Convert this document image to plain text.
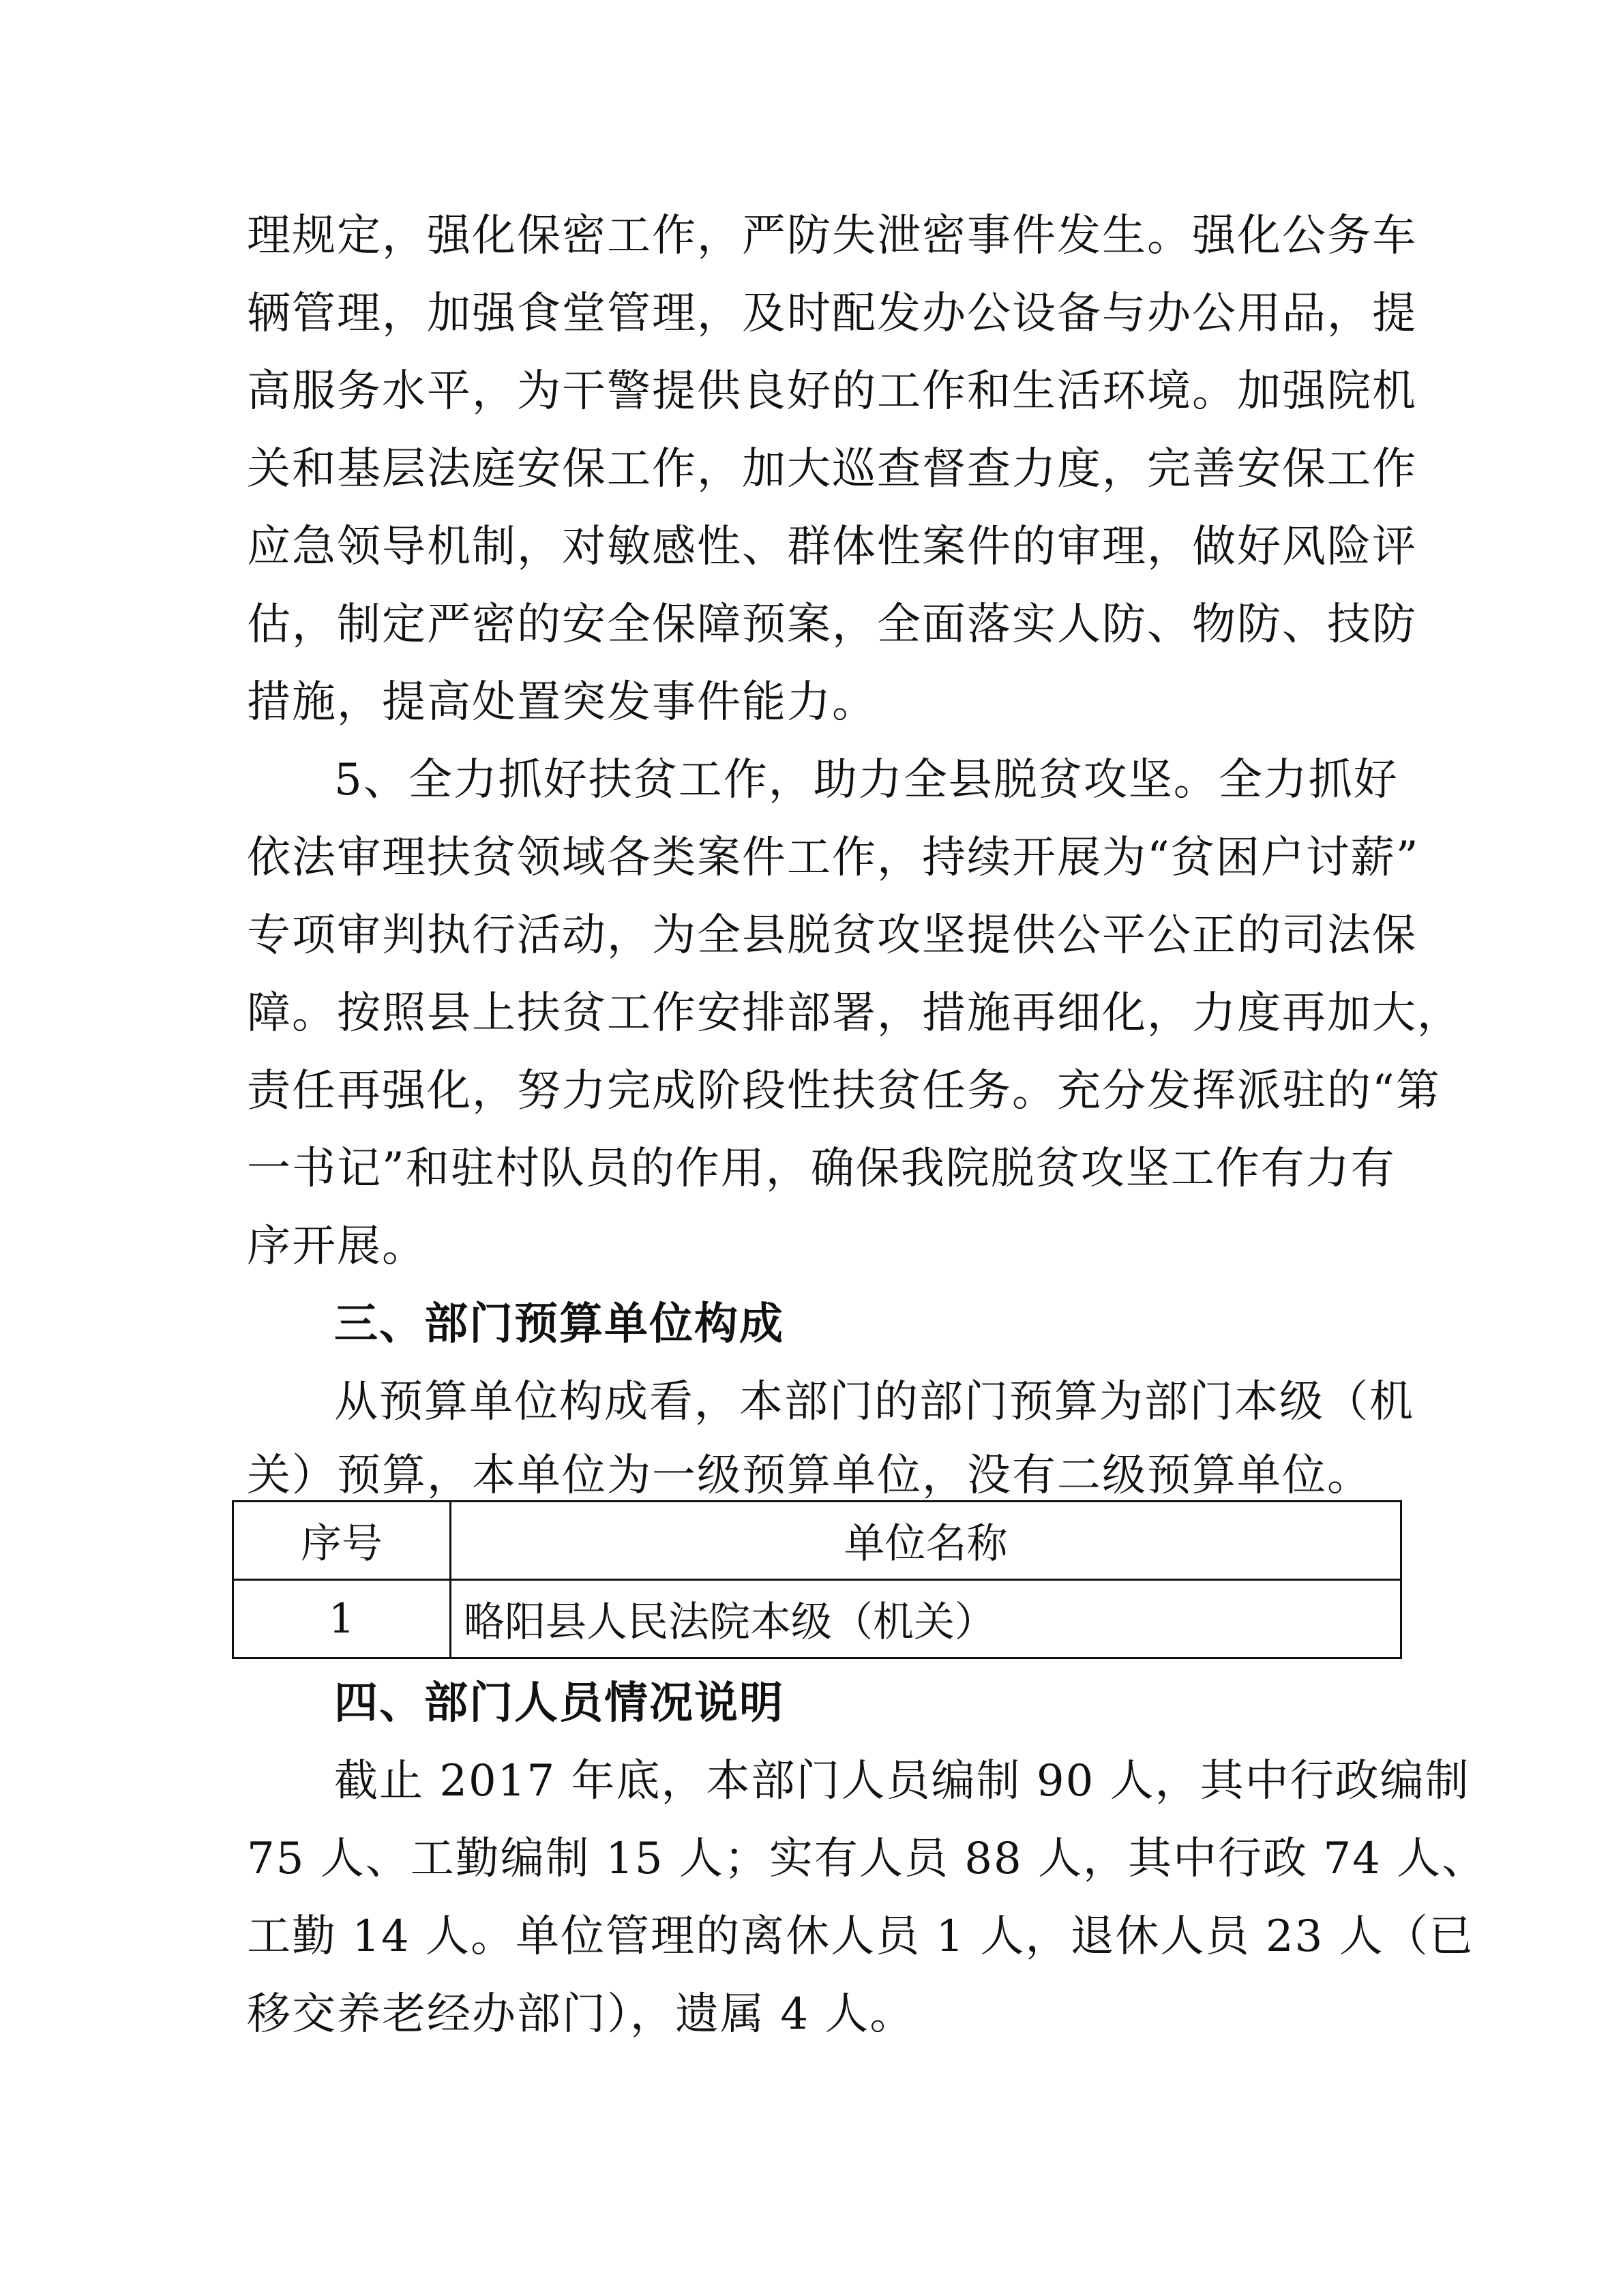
理规定，强化保密工作，严防失泄密事件发生。强化公务车
辆管理，加强食堂管理，及时配发办公设备与办公用品，提
高服务水平，为干警提供良好的工作和生活环境。加强院机
关和基层法庭安保工作，加大巡查督查力度，完善安保工作
应急领导机制，对敏感性、群体性案件的审理，做好风险评
估，制定严密的安全保障预案，全面落实人防、物防、技防
措施，提高处置突发事件能力。
5、全力抓好扶贫工作，助力全县脱贫攻坚。全力抓好
依法审理扶贫领域各类案件工作，持续开展为“贫困户讨薪”
专项审判执行活动，为全县脱贫攻坚提供公平公正的司法保
障。按照县上扶贫工作安排部署，措施再细化，力度再加大，
责任再强化，努力完成阶段性扶贫任务。充分发挥派驻的“第
一书记”和驻村队员的作用，确保我院脱贫攻坚工作有力有
序开展。
三、部门预算单位构成
从预算单位构成看，本部门的部门预算为部门本级（机
关）预算，本单位为一级预算单位，没有二级预算单位。
序号	单位名称
1	略阳县人民法院本级（机关）
四、部门人员情况说明
截止 2017 年底，本部门人员编制 90 人，其中行政编制
75 人、工勤编制 15 人；实有人员 88 人，其中行政 74 人、
工勤 14 人。单位管理的离休人员 1 人，退休人员 23 人（已
移交养老经办部门），遗属 4 人。
